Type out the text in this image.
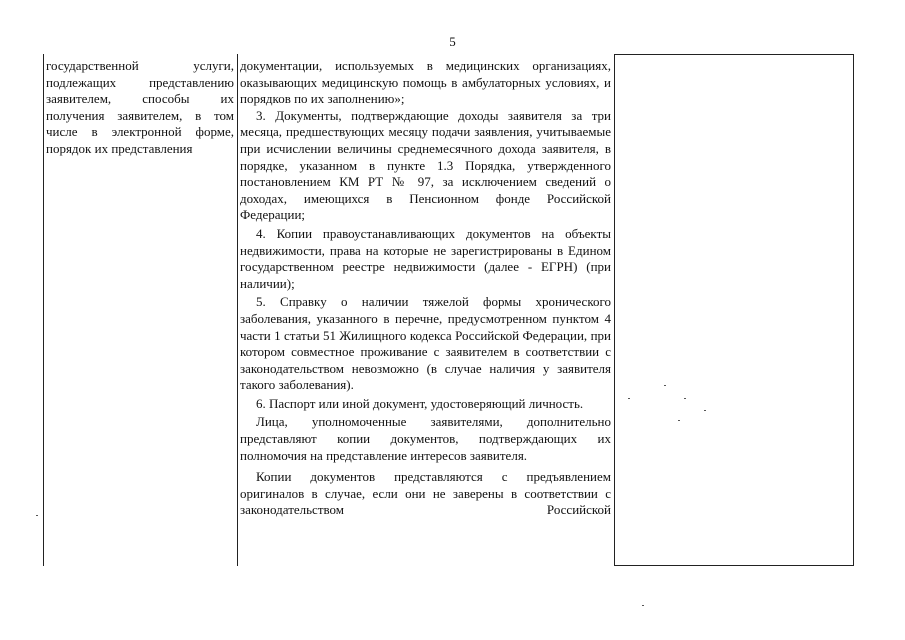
5
государственной услуги,
подлежащих представлению
заявителем, способы их
получения заявителем, в том
числе в электронной форме,
порядок их представления

документации, используемых в медицинских организациях, оказывающих медицинскую помощь в амбулаторных условиях, и порядков по их заполнению»;

3. Документы, подтверждающие доходы заявителя за три месяца, предшествующих месяцу подачи заявления, учитываемые при исчислении величины среднемесячного дохода заявителя, в порядке, указанном в пункте 1.3 Порядка, утвержденного постановлением КМ РТ № 97, за исключением сведений о доходах, имеющихся в Пенсионном фонде Российской Федерации;

4. Копии правоустанавливающих документов на объекты недвижимости, права на которые не зарегистрированы в Едином государственном реестре недвижимости (далее - ЕГРН) (при наличии);

5. Справку о наличии тяжелой формы хронического заболевания, указанного в перечне, предусмотренном пунктом 4 части 1 статьи 51 Жилищного кодекса Российской Федерации, при котором совместное проживание с заявителем в соответствии с законодательством невозможно (в случае наличия у заявителя такого заболевания).

6. Паспорт или иной документ, удостоверяющий личность.

Лица, уполномоченные заявителями, дополнительно представляют копии документов, подтверждающих их полномочия на представление интересов заявителя.

Копии документов представляются с предъявлением оригиналов в случае, если они не заверены в соответствии с законодательством Российской
